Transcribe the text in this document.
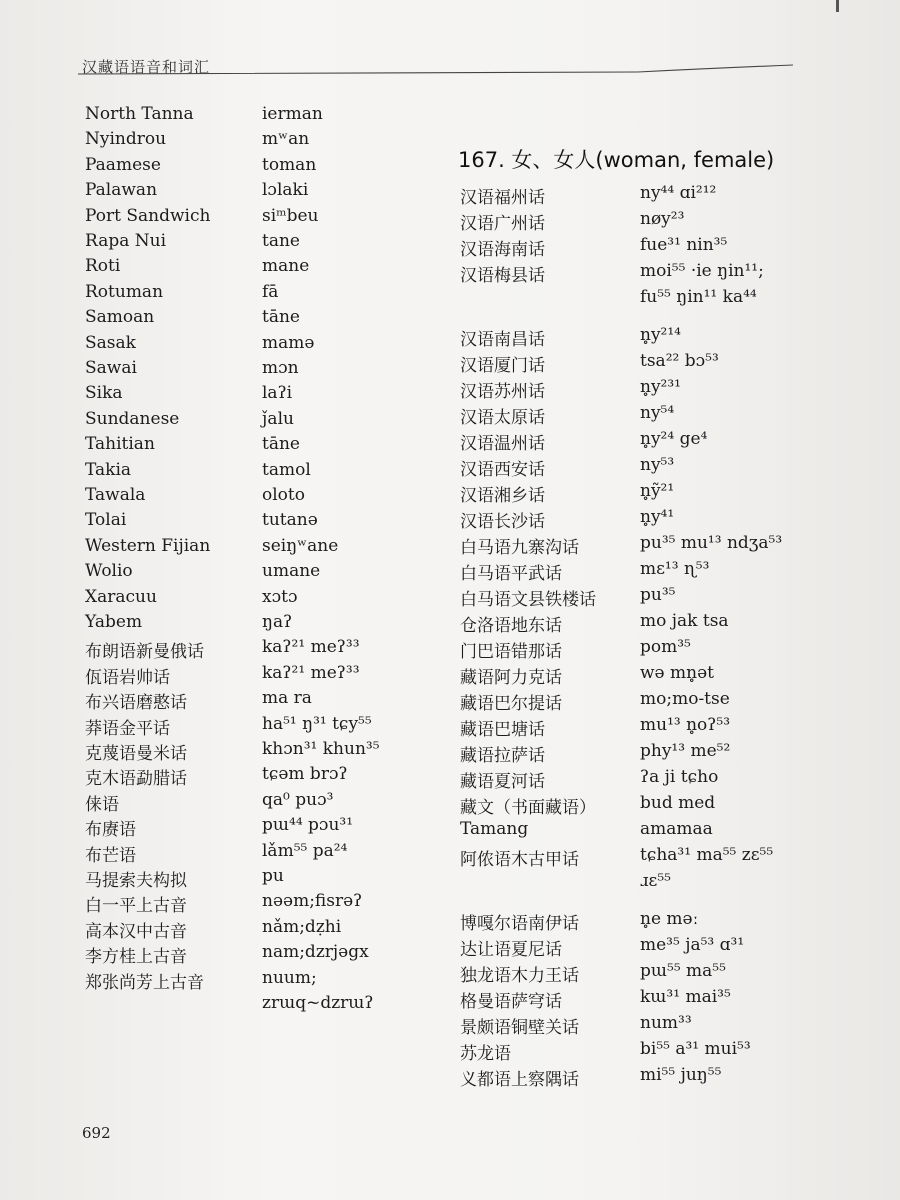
汉藏语语音和词汇
167. 女、女人(woman, female)
692
North Tanna	ierman
Nyindrou	mʷan
Paamese	toman
Palawan	lɔlaki
Port Sandwich	siᵐbeu
Rapa Nui	tane
Roti	mane
Rotuman	fā
Samoan	tāne
Sasak	mamə
Sawai	mɔn
Sika	laʔi
Sundanese	ǰalu
Tahitian	tāne
Takia	tamol
Tawala	oloto
Tolai	tutanə
Western Fijian	seiŋʷane
Wolio	umane
Xaracuu	xɔtɔ
Yabem	ŋaʔ
布朗语新曼俄话	kaʔ²¹ meʔ³³
佤语岩帅话	kaʔ²¹ meʔ³³
布兴语磨憨话	ma ra
莽语金平话	ha⁵¹ ŋ³¹ tɕy⁵⁵
克蔑语曼米话	khɔn³¹ khun³⁵
克木语勐腊话	tɕəm brɔʔ
俫语	qa⁰ puɔ³
布赓语	pɯ⁴⁴ pɔu³¹
布芒语	lǎm⁵⁵ pa²⁴
马提索夫构拟	pu
白一平上古音	nəəm;fisrəʔ
高本汉中古音	nǎm;dẓhi
李方桂上古音	nam;dzrjəgx
郑张尚芳上古音	nuum;
zrɯq~dzrɯʔ
汉语福州话	ny⁴⁴ ɑi²¹²
汉语广州话	nøy²³
汉语海南话	fue³¹ nin³⁵
汉语梅县话	moi⁵⁵ ·ie ŋin¹¹;
fu⁵⁵ ŋin¹¹ ka⁴⁴
汉语南昌话	n̥y²¹⁴
汉语厦门话	tsa²² bɔ⁵³
汉语苏州话	n̥y²³¹
汉语太原话	ny⁵⁴
汉语温州话	n̥y²⁴ ge⁴
汉语西安话	ny⁵³
汉语湘乡话	n̥ỹ²¹
汉语长沙话	n̥y⁴¹
白马语九寨沟话	pu³⁵ mu¹³ ndʒa⁵³
白马语平武话	mɛ¹³ ɳ⁵³
白马语文县铁楼话	pu³⁵
仓洛语地东话	mo jak tsa
门巴语错那话	pom³⁵
藏语阿力克话	wə mn̥ət
藏语巴尔提话	mo;mo-tse
藏语巴塘话	mu¹³ n̥oʔ⁵³
藏语拉萨话	phy¹³ me⁵²
藏语夏河话	ʔa ji tɕho
藏文（书面藏语）	bud med
Tamang	amamaa
阿侬语木古甲话	tɕha³¹ ma⁵⁵ zɛ⁵⁵
ɹɛ⁵⁵
博嘎尔语南伊话	n̥e məː
达让语夏尼话	me³⁵ ja⁵³ ɑ³¹
独龙语木力王话	pɯ⁵⁵ ma⁵⁵
格曼语萨穹话	kɯ³¹ mai³⁵
景颇语铜壁关话	num³³
苏龙语	bi⁵⁵ a³¹ mui⁵³
义都语上察隅话	mi⁵⁵ juŋ⁵⁵
